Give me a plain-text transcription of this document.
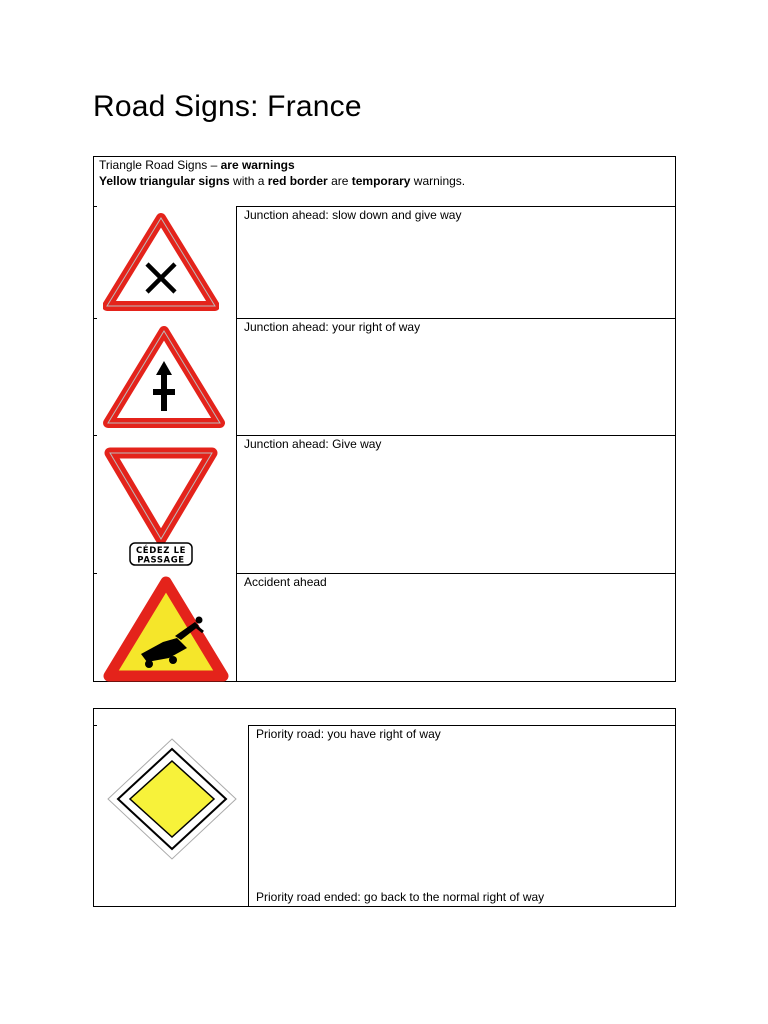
Road Signs: France
Triangle Road Signs – are warnings
Yellow triangular signs with a red border are temporary warnings.
Junction ahead: slow down and give way
Junction ahead: your right of way
CÉDEZ LE
PASSAGE
Junction ahead: Give way
Accident ahead
Priority road: you have right of way
Priority road ended: go back to the normal right of way
